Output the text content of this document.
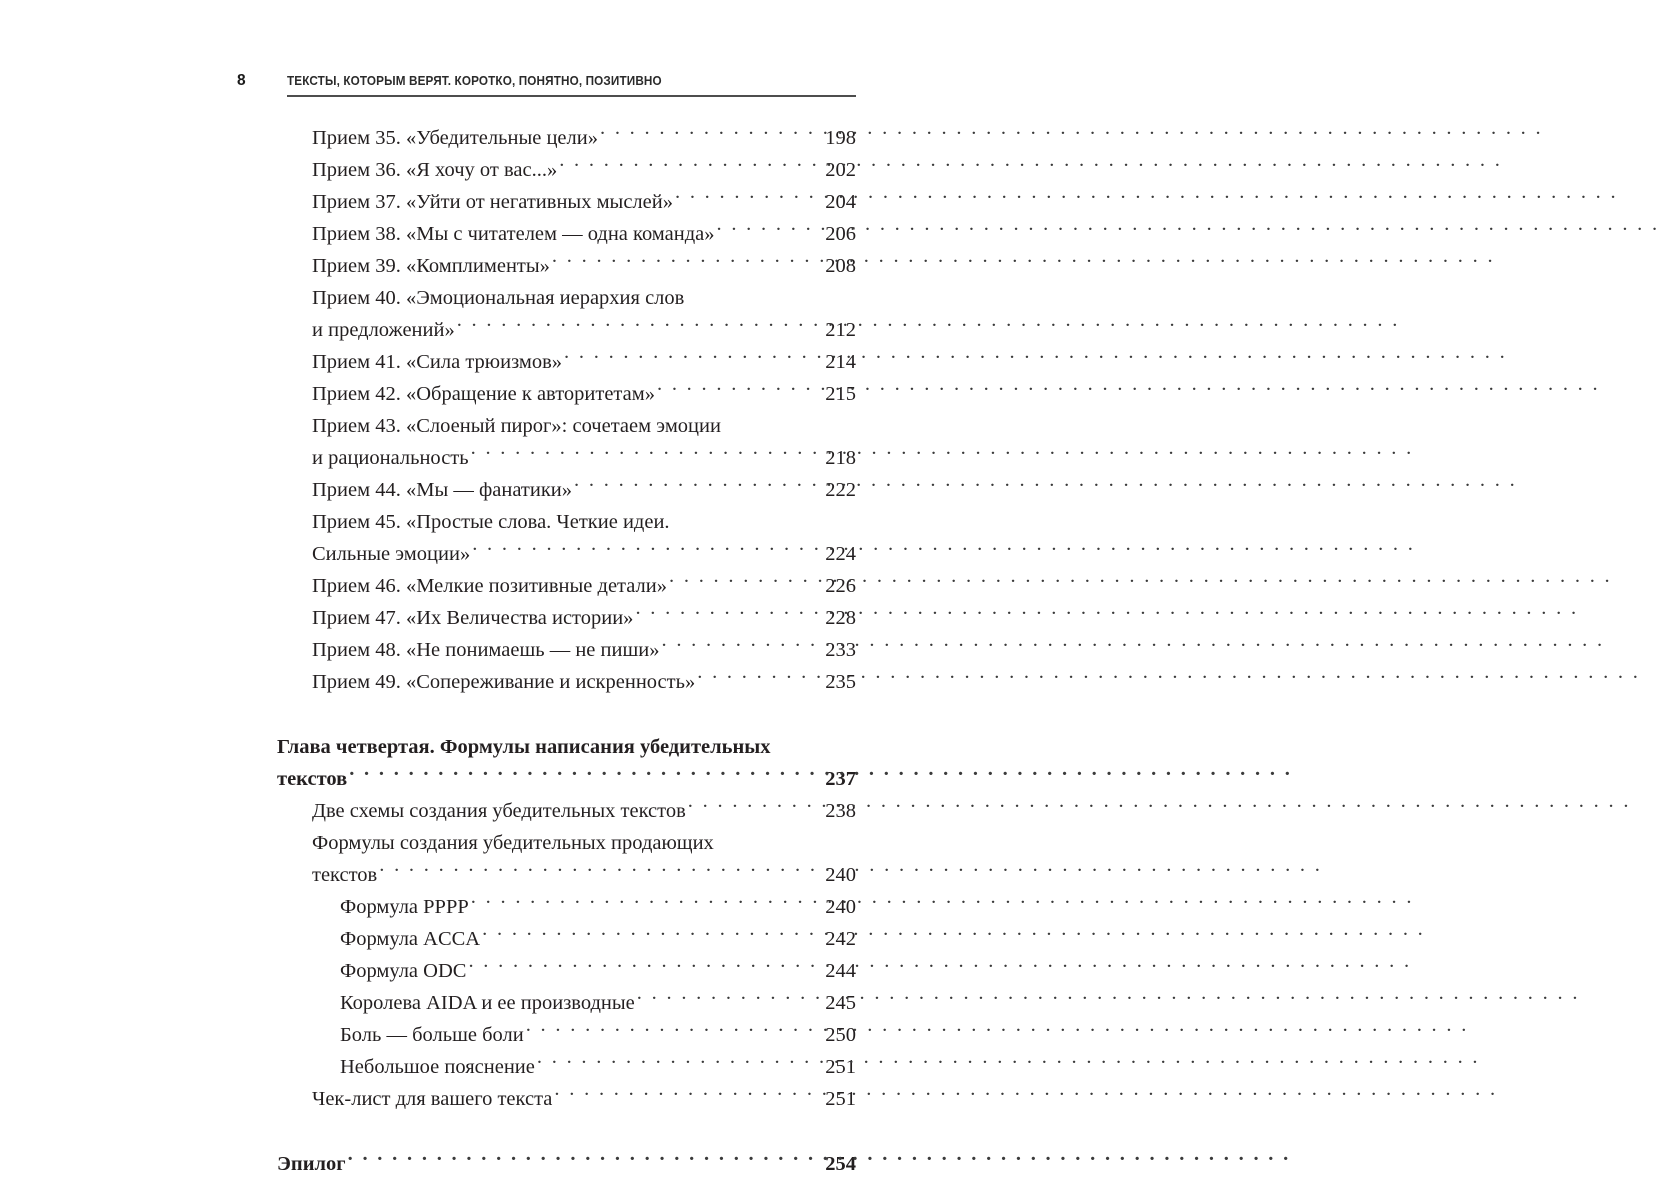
8	ТЕКСТЫ, КОТОРЫМ ВЕРЯТ. КОРОТКО, ПОНЯТНО, ПОЗИТИВНО
Прием 35. «Убедительные цели» . . .	198
Прием 36. «Я хочу от вас...» . . .	202
Прием 37. «Уйти от негативных мыслей» . . .	204
Прием 38. «Мы с читателем — одна команда» . . .	206
Прием 39. «Комплименты» . . .	208
Прием 40. «Эмоциональная иерархия слов
и предложений» . . .	212
Прием 41. «Сила трюизмов» . . .	214
Прием 42. «Обращение к авторитетам» . . .	215
Прием 43. «Слоеный пирог»: сочетаем эмоции
и рациональность . . .	218
Прием 44. «Мы — фанатики» . . .	222
Прием 45. «Простые слова. Четкие идеи.
Сильные эмоции» . . .	224
Прием 46. «Мелкие позитивные детали» . . .	226
Прием 47. «Их Величества истории» . . .	228
Прием 48. «Не понимаешь — не пиши» . . .	233
Прием 49. «Сопереживание и искренность» . . .	235
Глава четвертая. Формулы написания убедительных
текстов . . .	237
Две схемы создания убедительных текстов . . .	238
Формулы создания убедительных продающих
текстов . . .	240
Формула PPPP . . .	240
Формула ACCA . . .	242
Формула ODC . . .	244
Королева AIDA и ее производные . . .	245
Боль — больше боли . . .	250
Небольшое пояснение . . .	251
Чек-лист для вашего текста . . .	251
Эпилог . . .	254
